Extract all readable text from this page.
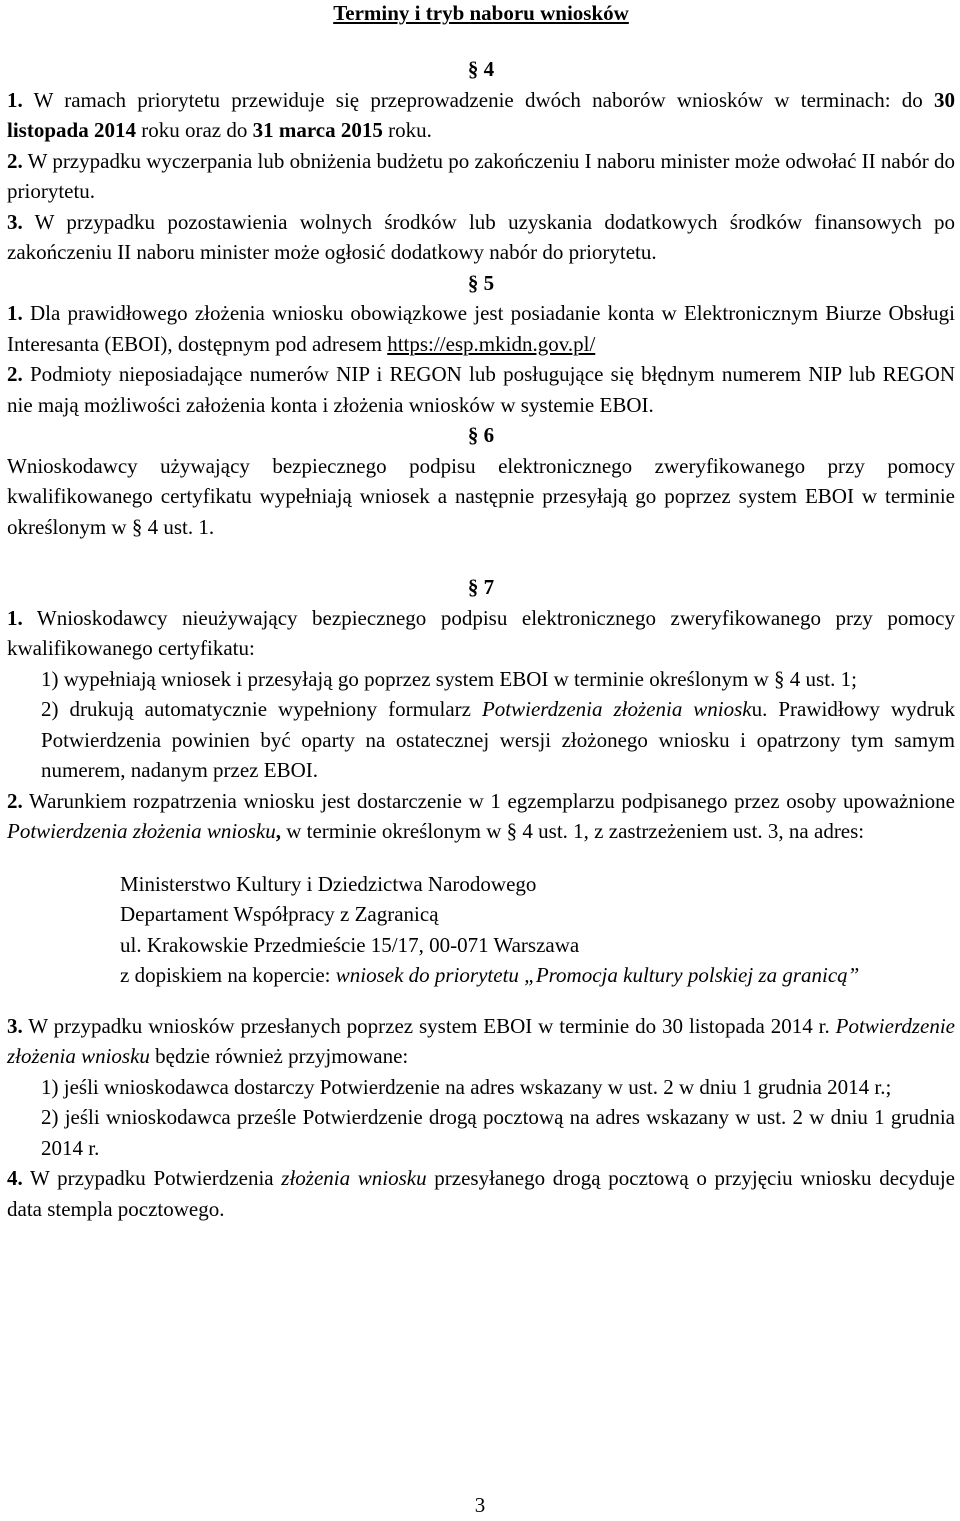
Terminy i tryb naboru wniosków
§ 4

1. W ramach priorytetu przewiduje się przeprowadzenie dwóch naborów wniosków w terminach: do 30 listopada 2014 roku oraz do 31 marca 2015 roku.

2. W przypadku wyczerpania lub obniżenia budżetu po zakończeniu I naboru minister może odwołać II nabór do priorytetu.

3. W przypadku pozostawienia wolnych środków lub uzyskania dodatkowych środków finansowych po zakończeniu II naboru minister może ogłosić dodatkowy nabór do priorytetu.

§ 5

1. Dla prawidłowego złożenia wniosku obowiązkowe jest posiadanie konta w Elektronicznym Biurze Obsługi Interesanta (EBOI), dostępnym pod adresem https://esp.mkidn.gov.pl/

2. Podmioty nieposiadające numerów NIP i REGON lub posługujące się błędnym numerem NIP lub REGON nie mają możliwości założenia konta i złożenia wniosków w systemie EBOI.

§ 6

Wnioskodawcy używający bezpiecznego podpisu elektronicznego zweryfikowanego przy pomocy kwalifikowanego certyfikatu wypełniają wniosek a następnie przesyłają go poprzez system EBOI w terminie określonym w § 4 ust. 1.

§ 7

1. Wnioskodawcy nieużywający bezpiecznego podpisu elektronicznego zweryfikowanego przy pomocy kwalifikowanego certyfikatu:

1) wypełniają wniosek i przesyłają go poprzez system EBOI w terminie określonym w § 4 ust. 1;

2) drukują automatycznie wypełniony formularz Potwierdzenia złożenia wniosku. Prawidłowy wydruk Potwierdzenia powinien być oparty na ostatecznej wersji złożonego wniosku i opatrzony tym samym numerem, nadanym przez EBOI.

2. Warunkiem rozpatrzenia wniosku jest dostarczenie w 1 egzemplarzu podpisanego przez osoby upoważnione Potwierdzenia złożenia wniosku, w terminie określonym w § 4 ust. 1, z zastrzeżeniem ust. 3, na adres:

Ministerstwo Kultury i Dziedzictwa Narodowego

Departament Współpracy z Zagranicą

ul. Krakowskie Przedmieście 15/17, 00-071 Warszawa

z dopiskiem na kopercie: wniosek do priorytetu „Promocja kultury polskiej za granicą”

3. W przypadku wniosków przesłanych poprzez system EBOI w terminie do 30 listopada 2014 r. Potwierdzenie złożenia wniosku będzie również przyjmowane:

1) jeśli wnioskodawca dostarczy Potwierdzenie na adres wskazany w ust. 2 w dniu 1 grudnia 2014 r.;

2) jeśli wnioskodawca prześle Potwierdzenie drogą pocztową na adres wskazany w ust. 2 w dniu 1 grudnia 2014 r.

4. W przypadku Potwierdzenia złożenia wniosku przesyłanego drogą pocztową o przyjęciu wniosku decyduje data stempla pocztowego.

3
